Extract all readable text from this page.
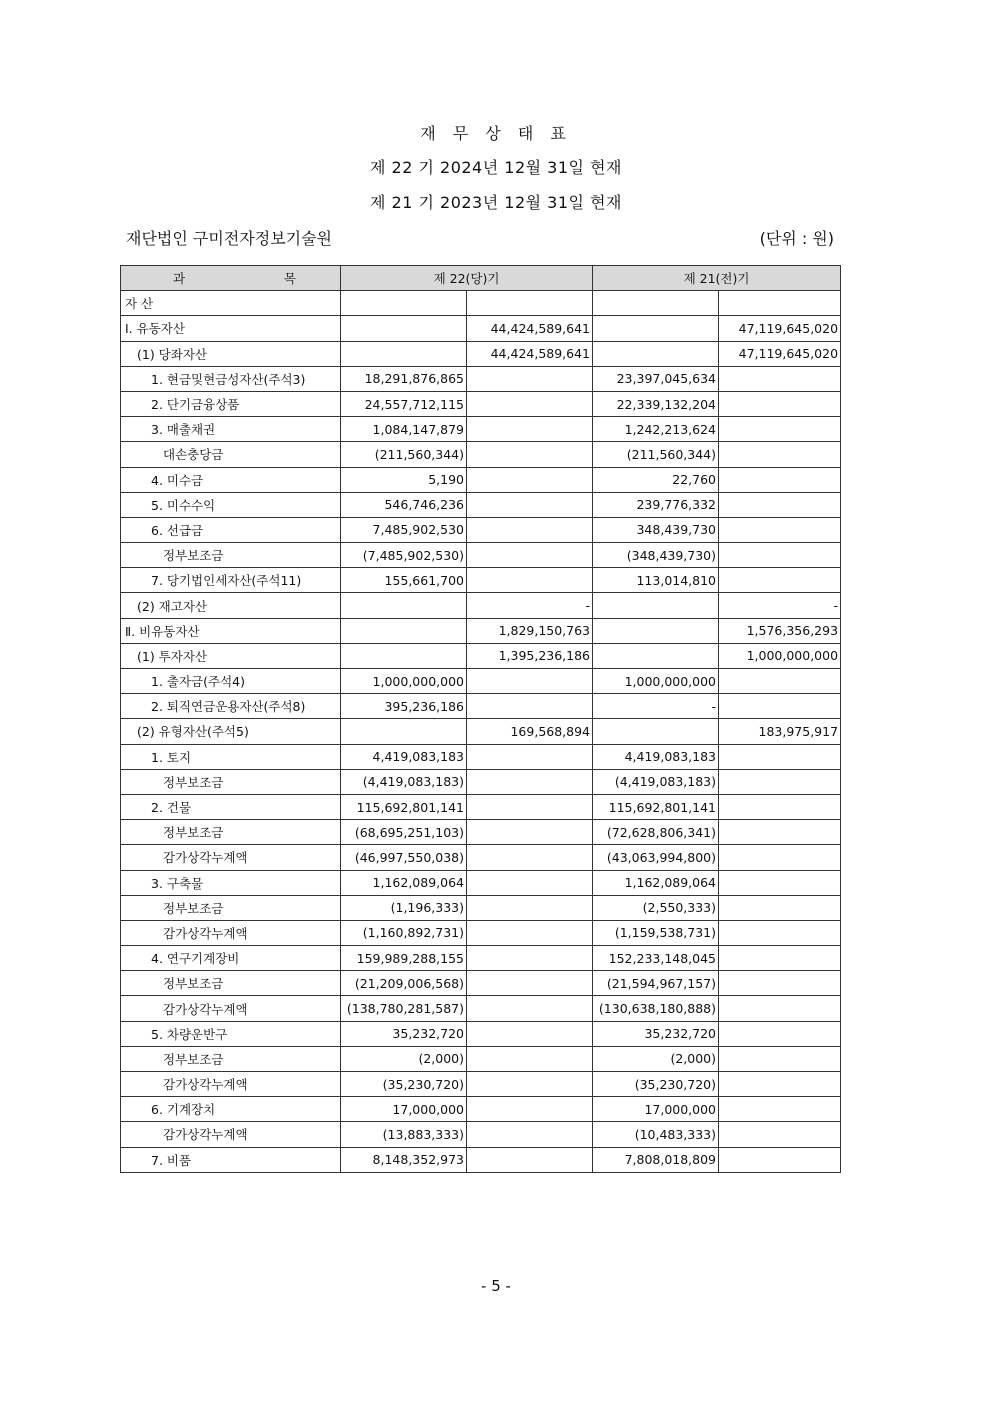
재 무 상 태 표
제 22 기 2024년 12월 31일 현재
제 21 기 2023년 12월 31일 현재
재단법인 구미전자정보기술원	(단위 : 원)
과 목	제 22(당)기		제 21(전)기	
자 산				
Ⅰ. 유동자산		44,424,589,641		47,119,645,020
(1) 당좌자산		44,424,589,641		47,119,645,020
1. 현금및현금성자산(주석3)	18,291,876,865		23,397,045,634	
2. 단기금융상품	24,557,712,115		22,339,132,204	
3. 매출채권	1,084,147,879		1,242,213,624	
대손충당금	(211,560,344)		(211,560,344)	
4. 미수금	5,190		22,760	
5. 미수수익	546,746,236		239,776,332	
6. 선급금	7,485,902,530		348,439,730	
정부보조금	(7,485,902,530)		(348,439,730)	
7. 당기법인세자산(주석11)	155,661,700		113,014,810	
(2) 재고자산		-		-
Ⅱ. 비유동자산		1,829,150,763		1,576,356,293
(1) 투자자산		1,395,236,186		1,000,000,000
1. 출자금(주석4)	1,000,000,000		1,000,000,000	
2. 퇴직연금운용자산(주석8)	395,236,186		-	
(2) 유형자산(주석5)		169,568,894		183,975,917
1. 토지	4,419,083,183		4,419,083,183	
정부보조금	(4,419,083,183)		(4,419,083,183)	
2. 건물	115,692,801,141		115,692,801,141	
정부보조금	(68,695,251,103)		(72,628,806,341)	
감가상각누계액	(46,997,550,038)		(43,063,994,800)	
3. 구축물	1,162,089,064		1,162,089,064	
정부보조금	(1,196,333)		(2,550,333)	
감가상각누계액	(1,160,892,731)		(1,159,538,731)	
4. 연구기계장비	159,989,288,155		152,233,148,045	
정부보조금	(21,209,006,568)		(21,594,967,157)	
감가상각누계액	(138,780,281,587)		(130,638,180,888)	
5. 차량운반구	35,232,720		35,232,720	
정부보조금	(2,000)		(2,000)	
감가상각누계액	(35,230,720)		(35,230,720)	
6. 기계장치	17,000,000		17,000,000	
감가상각누계액	(13,883,333)		(10,483,333)	
7. 비품	8,148,352,973		7,808,018,809	
- 5 -
